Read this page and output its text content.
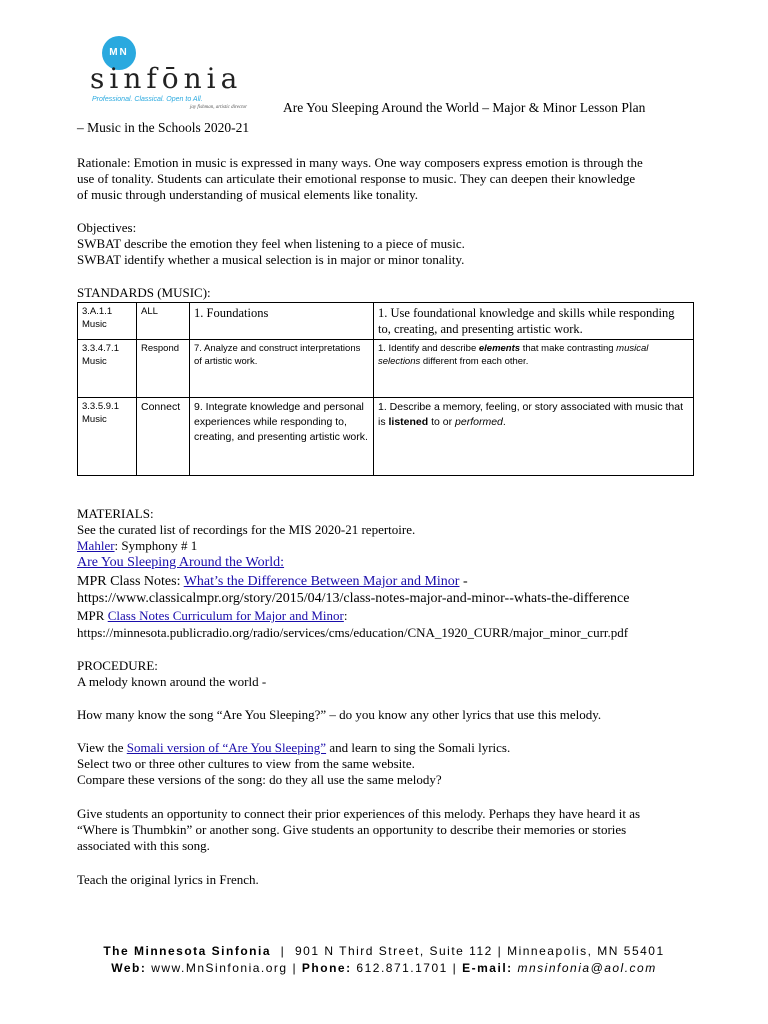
MN
sinfōnia
Professional. Classical. Open to All.
jay fishman, artistic director	Are You Sleeping Around the World – Major & Minor Lesson Plan
– Music in the Schools 2020-21
Rationale: Emotion in music is expressed in many ways. One way composers express emotion is through the
use of tonality. Students can articulate their emotional response to music. They can deepen their knowledge
of music through understanding of musical elements like tonality.
Objectives:
SWBAT describe the emotion they feel when listening to a piece of music.
SWBAT identify whether a musical selection is in major or minor tonality.
STANDARDS (MUSIC):
3.A.1.1 Music	ALL	1. Foundations	1. Use foundational knowledge and skills while responding to, creating, and presenting artistic work.
3.3.4.7.1 Music	Respond	7. Analyze and construct interpretations of artistic work.	1. Identify and describe elements that make contrasting musical selections different from each other.
3.3.5.9.1 Music	Connect	9. Integrate knowledge and personal experiences while responding to, creating, and presenting artistic work.	1. Describe a memory, feeling, or story associated with music that is listened to or performed.
MATERIALS:
See the curated list of recordings for the MIS 2020-21 repertoire.
Mahler: Symphony # 1
Are You Sleeping Around the World:
MPR Class Notes: What’s the Difference Between Major and Minor -
https://www.classicalmpr.org/story/2015/04/13/class-notes-major-and-minor--whats-the-difference
MPR Class Notes Curriculum for Major and Minor:
https://minnesota.publicradio.org/radio/services/cms/education/CNA_1920_CURR/major_minor_curr.pdf
PROCEDURE:
A melody known around the world -
How many know the song “Are You Sleeping?” – do you know any other lyrics that use this melody.
View the Somali version of “Are You Sleeping” and learn to sing the Somali lyrics.
Select two or three other cultures to view from the same website.
Compare these versions of the song: do they all use the same melody?
Give students an opportunity to connect their prior experiences of this melody. Perhaps they have heard it as
“Where is Thumbkin” or another song. Give students an opportunity to describe their memories or stories
associated with this song.
Teach the original lyrics in French.
The Minnesota Sinfonia  |  901 N Third Street, Suite 112 | Minneapolis, MN 55401
Web: www.MnSinfonia.org | Phone: 612.871.1701 | E-mail: mnsinfonia@aol.com
